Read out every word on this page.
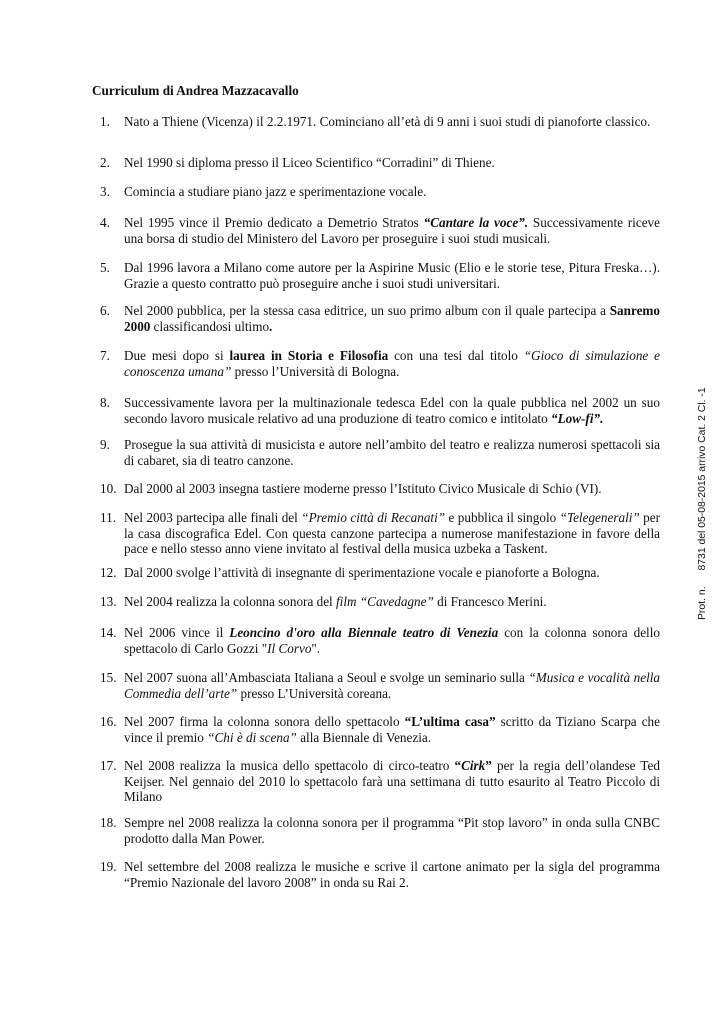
Curriculum di Andrea Mazzacavallo
1.	Nato a Thiene (Vicenza) il 2.2.1971. Cominciano all’età di 9 anni i suoi studi di pianoforte classico.
2.	Nel 1990 si diploma presso il Liceo Scientifico “Corradini” di Thiene.
3.	Comincia a studiare piano jazz e sperimentazione vocale.
4.	Nel 1995 vince il Premio dedicato a Demetrio Stratos “Cantare la voce”. Successivamente riceve una borsa di studio del Ministero del Lavoro per proseguire i suoi studi musicali.
5.	Dal 1996 lavora a Milano come autore per la Aspirine Music (Elio e le storie tese, Pitura Freska…). Grazie a questo contratto può proseguire anche i suoi studi universitari.
6.	Nel 2000 pubblica, per la stessa casa editrice, un suo primo album con il quale partecipa a Sanremo 2000 classificandosi ultimo.
7.	Due mesi dopo si laurea in Storia e Filosofia con una tesi dal titolo “Gioco di simulazione e conoscenza umana” presso l’Università di Bologna.
8.	Successivamente lavora per la multinazionale tedesca Edel con la quale pubblica nel 2002 un suo secondo lavoro musicale relativo ad una produzione di teatro comico e intitolato “Low-fi”.
9.	Prosegue la sua attività di musicista e autore nell’ambito del teatro e realizza numerosi spettacoli sia di cabaret, sia di teatro canzone.
10. Dal 2000 al 2003 insegna tastiere moderne presso l’Istituto Civico Musicale di Schio (VI).
11. Nel 2003 partecipa alle finali del “Premio città di Recanati” e pubblica il singolo “Telegenerali” per la casa discografica Edel. Con questa canzone partecipa a numerose manifestazione in favore della pace e nello stesso anno viene invitato al festival della musica uzbeka a Taskent.
12. Dal 2000 svolge l’attività di insegnante di sperimentazione vocale e pianoforte a Bologna.
13. Nel 2004 realizza la colonna sonora del film “Cavedagne” di Francesco Merini.
14. Nel 2006 vince il Leoncino d'oro alla Biennale teatro di Venezia con la colonna sonora dello spettacolo di Carlo Gozzi "Il Corvo".
15. Nel 2007 suona all’Ambasciata Italiana a Seoul e svolge un seminario sulla “Musica e vocalità nella Commedia dell’arte” presso L’Università coreana.
16. Nel 2007 firma la colonna sonora dello spettacolo “L’ultima casa” scritto da Tiziano Scarpa che vince il premio “Chi è di scena” alla Biennale di Venezia.
17. Nel 2008 realizza la musica dello spettacolo di circo-teatro “Cirk” per la regia dell’olandese Ted Keijser. Nel gennaio del 2010 lo spettacolo farà una settimana di tutto esaurito al Teatro Piccolo di Milano
18. Sempre nel 2008 realizza la colonna sonora per il programma “Pit stop lavoro” in onda sulla CNBC prodotto dalla Man Power.
19. Nel settembre del 2008 realizza le musiche e scrive il cartone animato per la sigla del programma “Premio Nazionale del lavoro 2008” in onda su Rai 2.
Prot. n.8731 del 05-08-2015 arrivo Cat. 2 Cl. -1
